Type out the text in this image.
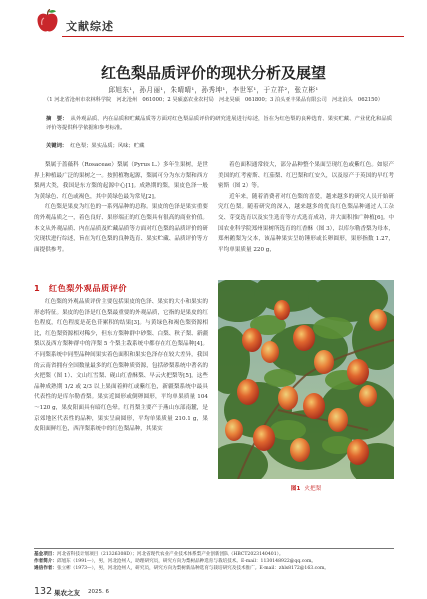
文献综述
红色梨品质评价的现状分析及展望
邱旭东¹，孙月丽¹，朱晴晴¹，孙秀坤¹，李世军¹，于立祥²，张立彬¹
（1 河北省沧州市农林科学院　河北沧州　061000；2 昊硕嘉农业农村局　河北昊硕　061800；3 泊头亚丰果品有限公司　河北泊头　062150）
摘　要： 从外观品质、内在品质和贮藏品质等方面对红色梨品质评价的研究进展进行综述，旨在为红色梨的良种选育、果实贮藏、产业优化和品质评价等提供科学依据和参考标准。
关键词： 红色梨；果实品质；风味；贮藏

梨属于蔷薇科（Rosaceae）梨属（Pyrus L.）多年生果树，是世界上种植最广泛的果树之一。按照植物起源，梨属可分为东方梨和西方梨两大类，我国是东方梨的起源中心[1]。成熟期的梨，果皮色泽一般为黄绿色、红色或褐色，其中黄绿色最为常见[2]。

红色梨是果皮为红色的一系列品种的总称。果皮的色泽是果实重要的外观品质之一，着色良好、果形端正的红色梨具有很高的商业价值。本文从外观品质、内在品质及贮藏品质等方面对红色梨的品质评价的研究现状进行综述，旨在为红色梨的良种选育、果实贮藏、品质评价等方面提供参考。

1　红色梨外观品质评价

红色梨的外观品质评价主要包括果皮的色泽、果实的大小和果实的形态特征。果皮的色泽是红色梨最重要的外观品质，它指的是果皮的红色程度，红色程度是花色苷累积的结果[3]。与黄绿色和褐色梨资源相比，红色梨资源相对稀少，但东方梨种群中砂梨、白梨、秋子梨、新疆梨以及西方梨种群中的洋梨 5 个梨主栽系统中都存在红色梨品种[4]。不同梨系统中同型品种间果实着色面积和果实色泽存在较大差异，我国的云南省拥有全国数量最多的红色梨种质资源，包括砂梨系统中著名的火把梨（图 1）、文山红雪梨、砚山红香酥梨、早云火把梨等[5]，这些品种成熟期 1/2 或 2/3 以上果面着鲜红或紫红色，新疆梨系统中最具代表性的是库尔勒香梨。果实近圆形或倒卵圆形，平均单果质量 104～120 g，果皮阳面具有暗红色晕。红肖梨主要产于燕山东部南麓，是京郊地区代表性的品种，果实呈扁圆形，平均单果质量 210.1 g，果皮阳面鲜红色，西洋梨系统中的红色梨品种，其果实

着色面积通常较大，部分品种整个果面呈现红色或紫红色。如原产美国的红考密斯、红茄梨、红巴梨和红安久，以及原产于英国的早红考密斯（图 2）等。

近年来，随着消费者对红色梨的喜爱，越来越多的研究人员开始研究红色梨。随着研究的深入，越来越多的优良红色梨品种通过人工杂交、芽变选育以及实生选育等方式选育成功，并大面积推广种植[6]。中国农业科学院郑州果树所选育的红香酥（图 3），以库尔勒香梨为母本，郑州鹅梨为父本，该品种果实呈纺锤形或长卵圆形，果形指数 1.27，平均单果质量 220 g，

图1 火把梨
基金项目：河北省科技计划项目（21326308D）；河北省现代农业产业技术体系梨产业创新团队（HBCT2023140401）。
作者简介：邱旭东（1991—），男，河北沧州人，助理研究员，研究方向为梨树品种选育与栽培技术。E-mail：1130148922@qq.com。
通信作者：张立彬（1973—），男，河北沧州人，研究员，研究方向为梨树新品种选育与栽培研究及技术推广。E-mail：zhls8172@163.com。
132 果农之友 2025. 6
